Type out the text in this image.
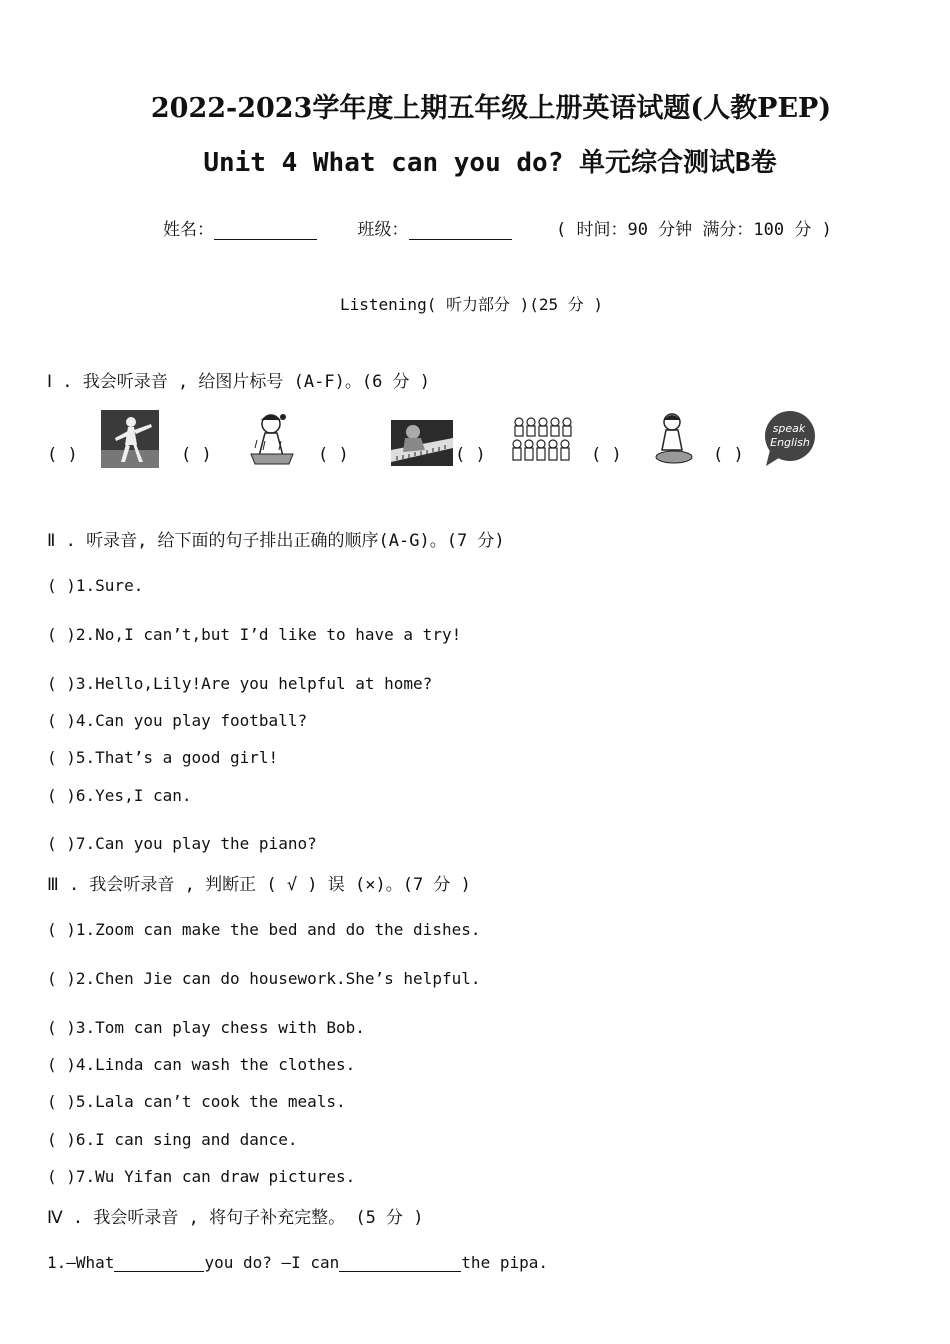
2022-2023学年度上期五年级上册英语试题(人教PEP)
Unit 4 What can you do? 单元综合测试B卷
姓名：	班级：	( 时间：90 分钟 满分：100 分 )
Listening( 听力部分 )(25 分 )
Ⅰ . 我会听录音 , 给图片标号 (A-F)。(6 分 )
( )	( )	( )	( )	( )	( )
speak
English
Ⅱ . 听录音, 给下面的句子排出正确的顺序(A-G)。(7 分)
( )1.Sure.
( )2.No,I can’t,but I’d like to have a try!
( )3.Hello,Lily!Are you helpful at home?
( )4.Can you play football?
( )5.That’s a good girl!
( )6.Yes,I can.
( )7.Can you play the piano?
Ⅲ . 我会听录音 , 判断正 ( √ ) 误 (×)。(7 分 )
( )1.Zoom can make the bed and do the dishes.
( )2.Chen Jie can do housework.She’s helpful.
( )3.Tom can play chess with Bob.
( )4.Linda can wash the clothes.
( )5.Lala can’t cook the meals.
( )6.I can sing and dance.
( )7.Wu Yifan can draw pictures.
Ⅳ . 我会听录音 , 将句子补充完整。 (5 分 )
1.—What	you do? —I can	the pipa.
